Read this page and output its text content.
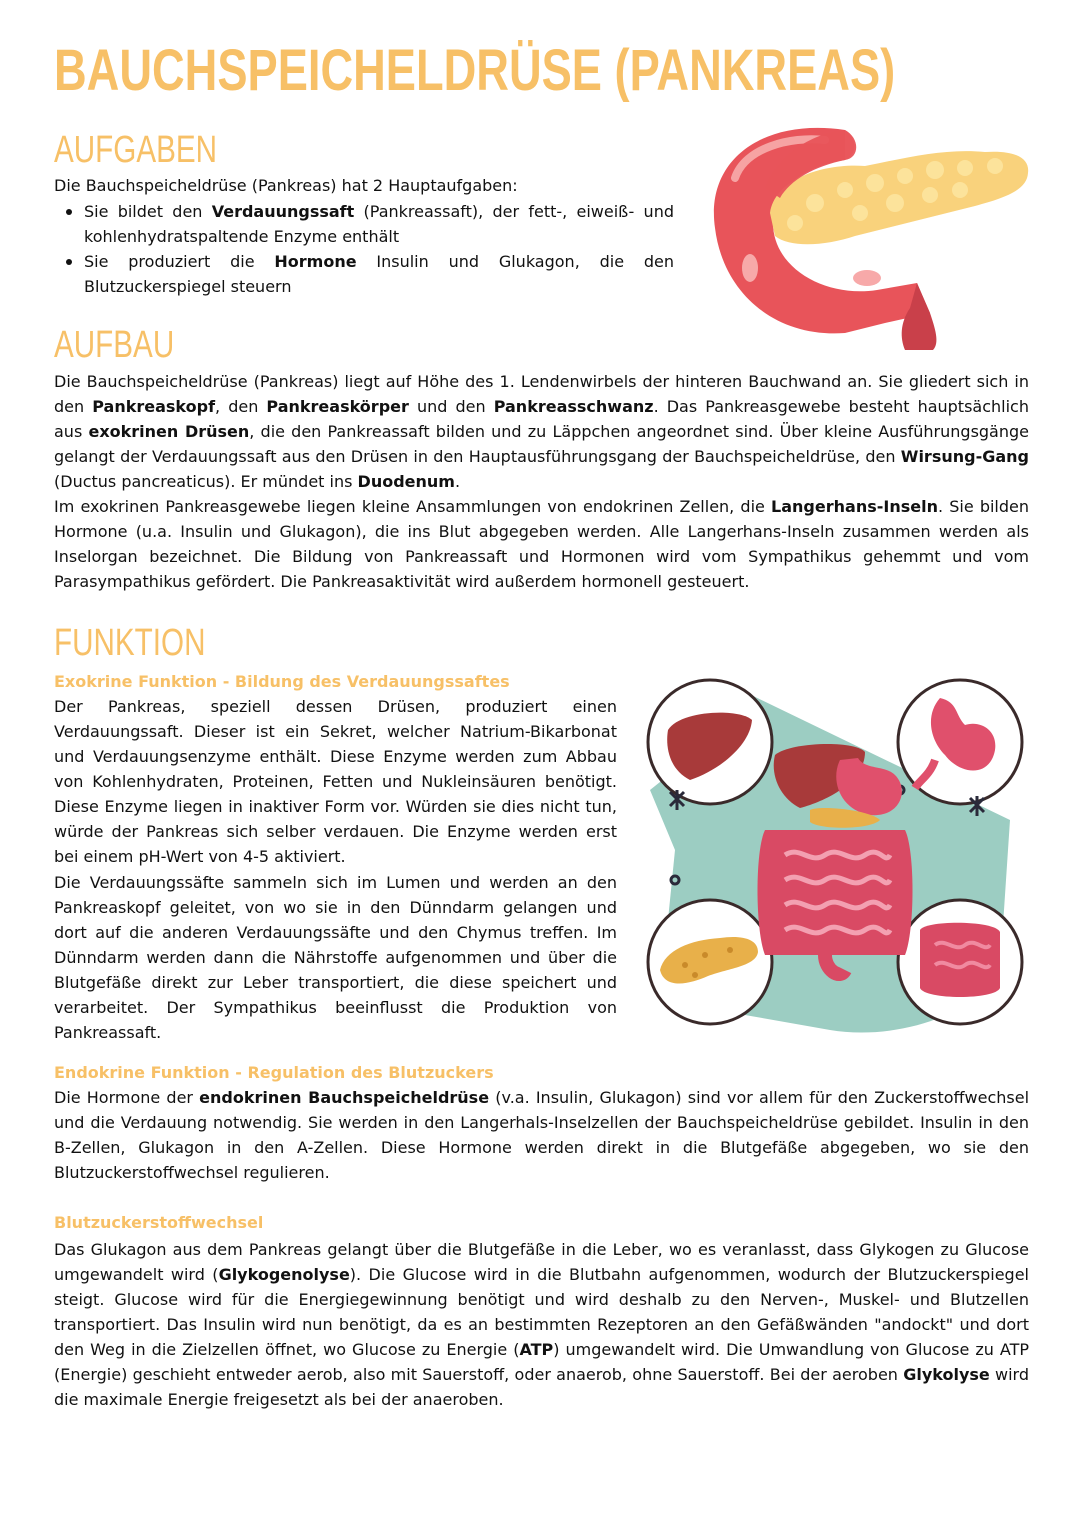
BAUCHSPEICHELDRÜSE (PANKREAS)
AUFGABEN

Die Bauchspeicheldrüse (Pankreas) hat 2 Hauptaufgaben:

Sie bildet den Verdauungssaft (Pankreassaft), der fett-, eiweiß- und kohlenhydratspaltende Enzyme enthält
Sie produziert die Hormone Insulin und Glukagon, die den Blutzuckerspiegel steuern
AUFBAU

Die Bauchspeicheldrüse (Pankreas) liegt auf Höhe des 1. Lendenwirbels der hinteren Bauchwand an. Sie gliedert sich in den Pankreaskopf, den Pankreaskörper und den Pankreasschwanz. Das Pankreasgewebe besteht hauptsächlich aus exokrinen Drüsen, die den Pankreassaft bilden und zu Läppchen angeordnet sind. Über kleine Ausführungsgänge gelangt der Verdauungssaft aus den Drüsen in den Hauptausführungsgang der Bauchspeicheldrüse, den Wirsung-Gang (Ductus pancreaticus). Er mündet ins Duodenum.

Im exokrinen Pankreasgewebe liegen kleine Ansammlungen von endokrinen Zellen, die Langerhans-Inseln. Sie bilden Hormone (u.a. Insulin und Glukagon), die ins Blut abgegeben werden. Alle Langerhans-Inseln zusammen werden als Inselorgan bezeichnet. Die Bildung von Pankreassaft und Hormonen wird vom Sympathikus gehemmt und vom Parasympathikus gefördert. Die Pankreasaktivität wird außerdem hormonell gesteuert.

FUNKTION

Exokrine Funktion - Bildung des Verdauungssaftes

Der Pankreas, speziell dessen Drüsen, produziert einen Verdauungssaft. Dieser ist ein Sekret, welcher Natrium-Bikarbonat und Verdauungsenzyme enthält. Diese Enzyme werden zum Abbau von Kohlenhydraten, Proteinen, Fetten und Nukleinsäuren benötigt. Diese Enzyme liegen in inaktiver Form vor. Würden sie dies nicht tun, würde der Pankreas sich selber verdauen. Die Enzyme werden erst bei einem pH-Wert von 4-5 aktiviert.

Die Verdauungssäfte sammeln sich im Lumen und werden an den Pankreaskopf geleitet, von wo sie in den Dünndarm gelangen und dort auf die anderen Verdauungssäfte und den Chymus treffen. Im Dünndarm werden dann die Nährstoffe aufgenommen und über die Blutgefäße direkt zur Leber transportiert, die diese speichert und verarbeitet. Der Sympathikus beeinflusst die Produktion von Pankreassaft.

Endokrine Funktion - Regulation des Blutzuckers

Die Hormone der endokrinen Bauchspeicheldrüse (v.a. Insulin, Glukagon) sind vor allem für den Zuckerstoffwechsel und die Verdauung notwendig. Sie werden in den Langerhals-Inselzellen der Bauchspeicheldrüse gebildet. Insulin in den B-Zellen, Glukagon in den A-Zellen. Diese Hormone werden direkt in die Blutgefäße abgegeben, wo sie den Blutzuckerstoffwechsel regulieren.

Blutzuckerstoffwechsel

Das Glukagon aus dem Pankreas gelangt über die Blutgefäße in die Leber, wo es veranlasst, dass Glykogen zu Glucose umgewandelt wird (Glykogenolyse). Die Glucose wird in die Blutbahn aufgenommen, wodurch der Blutzuckerspiegel steigt. Glucose wird für die Energiegewinnung benötigt und wird deshalb zu den Nerven-, Muskel- und Blutzellen transportiert. Das Insulin wird nun benötigt, da es an bestimmten Rezeptoren an den Gefäßwänden "andockt" und dort den Weg in die Zielzellen öffnet, wo Glucose zu Energie (ATP) umgewandelt wird. Die Umwandlung von Glucose zu ATP (Energie) geschieht entweder aerob, also mit Sauerstoff, oder anaerob, ohne Sauerstoff. Bei der aeroben Glykolyse wird die maximale Energie freigesetzt als bei der anaeroben.
